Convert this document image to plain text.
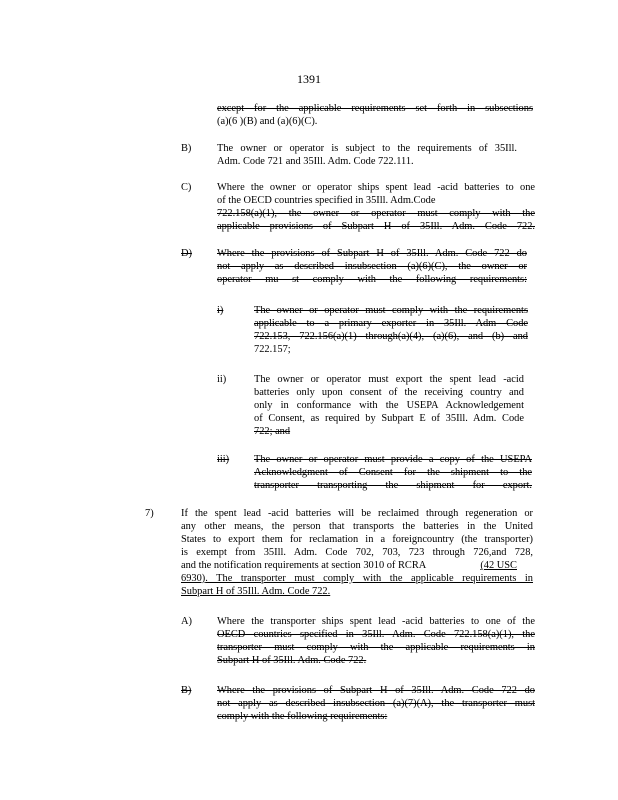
1391
except for the applicable requirements set forth in subsections
(a)(6 )(B) and (a)(6)(C).
B) The owner or operator is subject to the requirements of 35Ill.
Adm. Code 721 and 35Ill. Adm. Code 722.111.
C) Where the owner or operator ships spent lead -acid batteries to one
of the OECD countries specified in 35Ill. Adm.Code
722.158(a)(1), the owner or operator must comply with the
applicable provisions of Subpart H of 35Ill. Adm. Code 722.
D) Where the provisions of Subpart H of 35Ill. Adm. Code 722 do
not apply as described insubsection (a)(6)(C), the owner or
operator mu st comply with the following requirements:
i)	The owner or operator must comply with the requirements
applicable to a primary exporter in 35Ill. Adm Code
722.153, 722.156(a)(1) through(a)(4), (a)(6), and (b) and
722.157;
ii)	The owner or operator must export the spent lead -acid
batteries only upon consent of the receiving country and
only in conformance with the USEPA Acknowledgement
of Consent, as required by Subpart E of 35Ill. Adm. Code
722; and
iii) The owner or operator must provide a copy of the USEPA
Acknowledgment of Consent for the shipment to the
transporter transporting the shipment for export.
7)	If the spent lead -acid batteries will be reclaimed through regeneration or
any other means, the person that transports the batteries in the United
States to export them for reclamation in a foreigncountry (the transporter)
is exempt from 35Ill. Adm. Code 702, 703, 723 through 726,and 728,
and the notification requirements at section 3010 of RCRA	(42 USC
6930) . The transporter must comply with the applicable requirements in
Subpart H of 35Ill. Adm. Code 722.
A) Where the transporter ships spent lead -acid batteries to one of the
OECD countries specified in 35Ill. Adm. Code 722.158(a)(1), the
transporter must comply with the applicable requirements in
Subpart H of 35Ill. Adm. Code 722.
B) Where the provisions of Subpart H of 35Ill. Adm. Code 722 do
not apply as described insubsection (a)(7)(A), the transporter must
comply with the following requirements:
